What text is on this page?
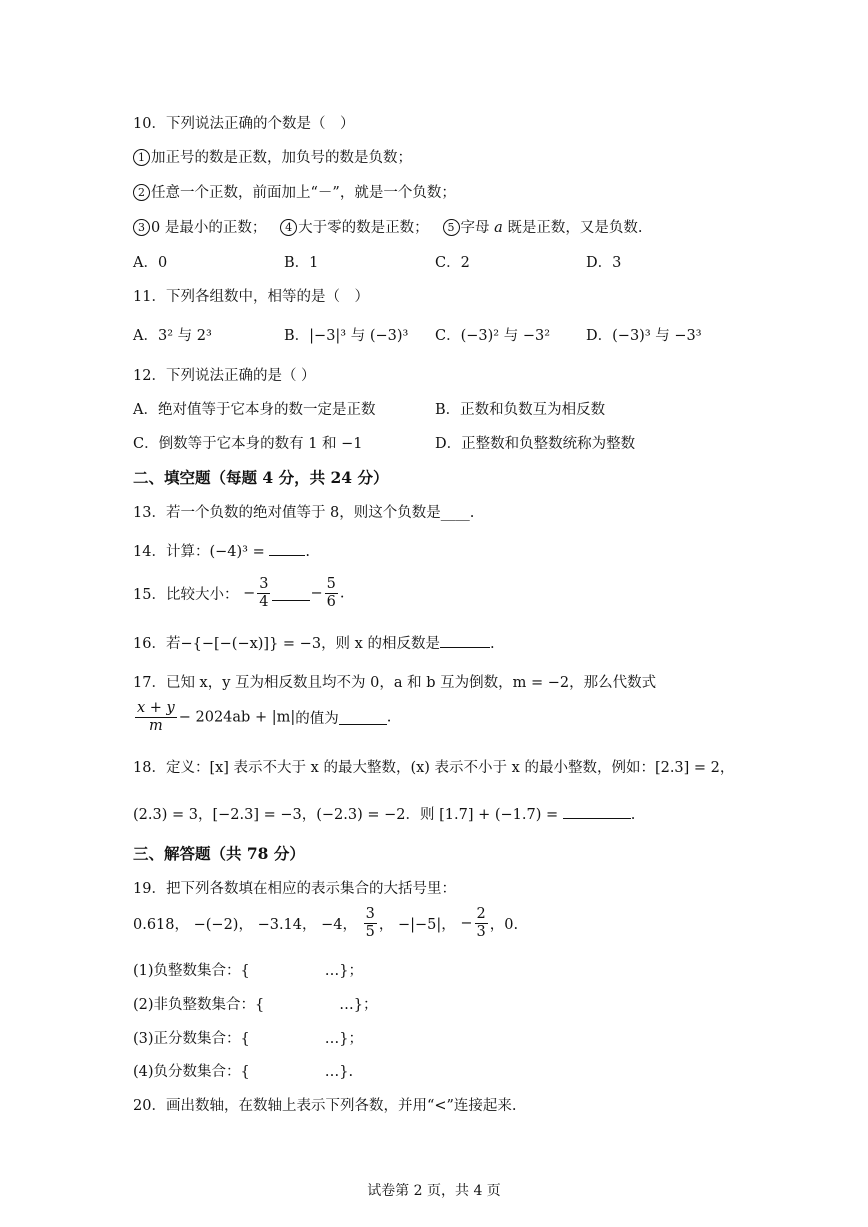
10．下列说法正确的个数是（　）
1 加正号的数是正数，加负号的数是负数；
2 任意一个正数，前面加上“－”，就是一个负数；
3 0 是最小的正数； 4 大于零的数是正数； 5 字母 a 既是正数，又是负数.
A．0	B．1	C．2	D．3
11．下列各组数中，相等的是（　）
A．3² 与 2³	B．|−3|³ 与 (−3)³ C．(−3)² 与 −3² D．(−3)³ 与 −3³
12．下列说法正确的是（ ）
A．绝对值等于它本身的数一定是正数	B．正数和负数互为相反数
C．倒数等于它本身的数有 1 和 −1	D．正整数和负整数统称为整数
二、填空题（每题 4 分，共 24 分）
13．若一个负数的绝对值等于 8，则这个负数是____.
14．计算：(−4)³ =	.
15．比较大小： − $\frac{3}{4}$	− $\frac{5}{6}$ .
16．若−{−[−(−x)]} = −3，则 x 的相反数是	.
17．已知 x，y 互为相反数且均不为 0，a 和 b 互为倒数，m = −2，那么代数式
$\frac{x + y}{m} - 2024ab + |m|$的值为	.
18．定义：[x] 表示不大于 x 的最大整数，(x) 表示不小于 x 的最小整数，例如：[2.3] = 2，
(2.3) = 3，[−2.3] = −3，(−2.3) = −2．则 [1.7] + (−1.7) =	.
三、解答题（共 78 分）
19．把下列各数填在相应的表示集合的大括号里：
0.618， −(−2)， −3.14， −4， $\frac{3}{5}$ ， −|−5|， − $\frac{2}{3}$ ，0.
(1)负整数集合：{	…}；
(2)非负整数集合：{	…}；
(3)正分数集合：{	…}；
(4)负分数集合：{	…}.
20．画出数轴，在数轴上表示下列各数，并用“<”连接起来.
试卷第 2 页，共 4 页
